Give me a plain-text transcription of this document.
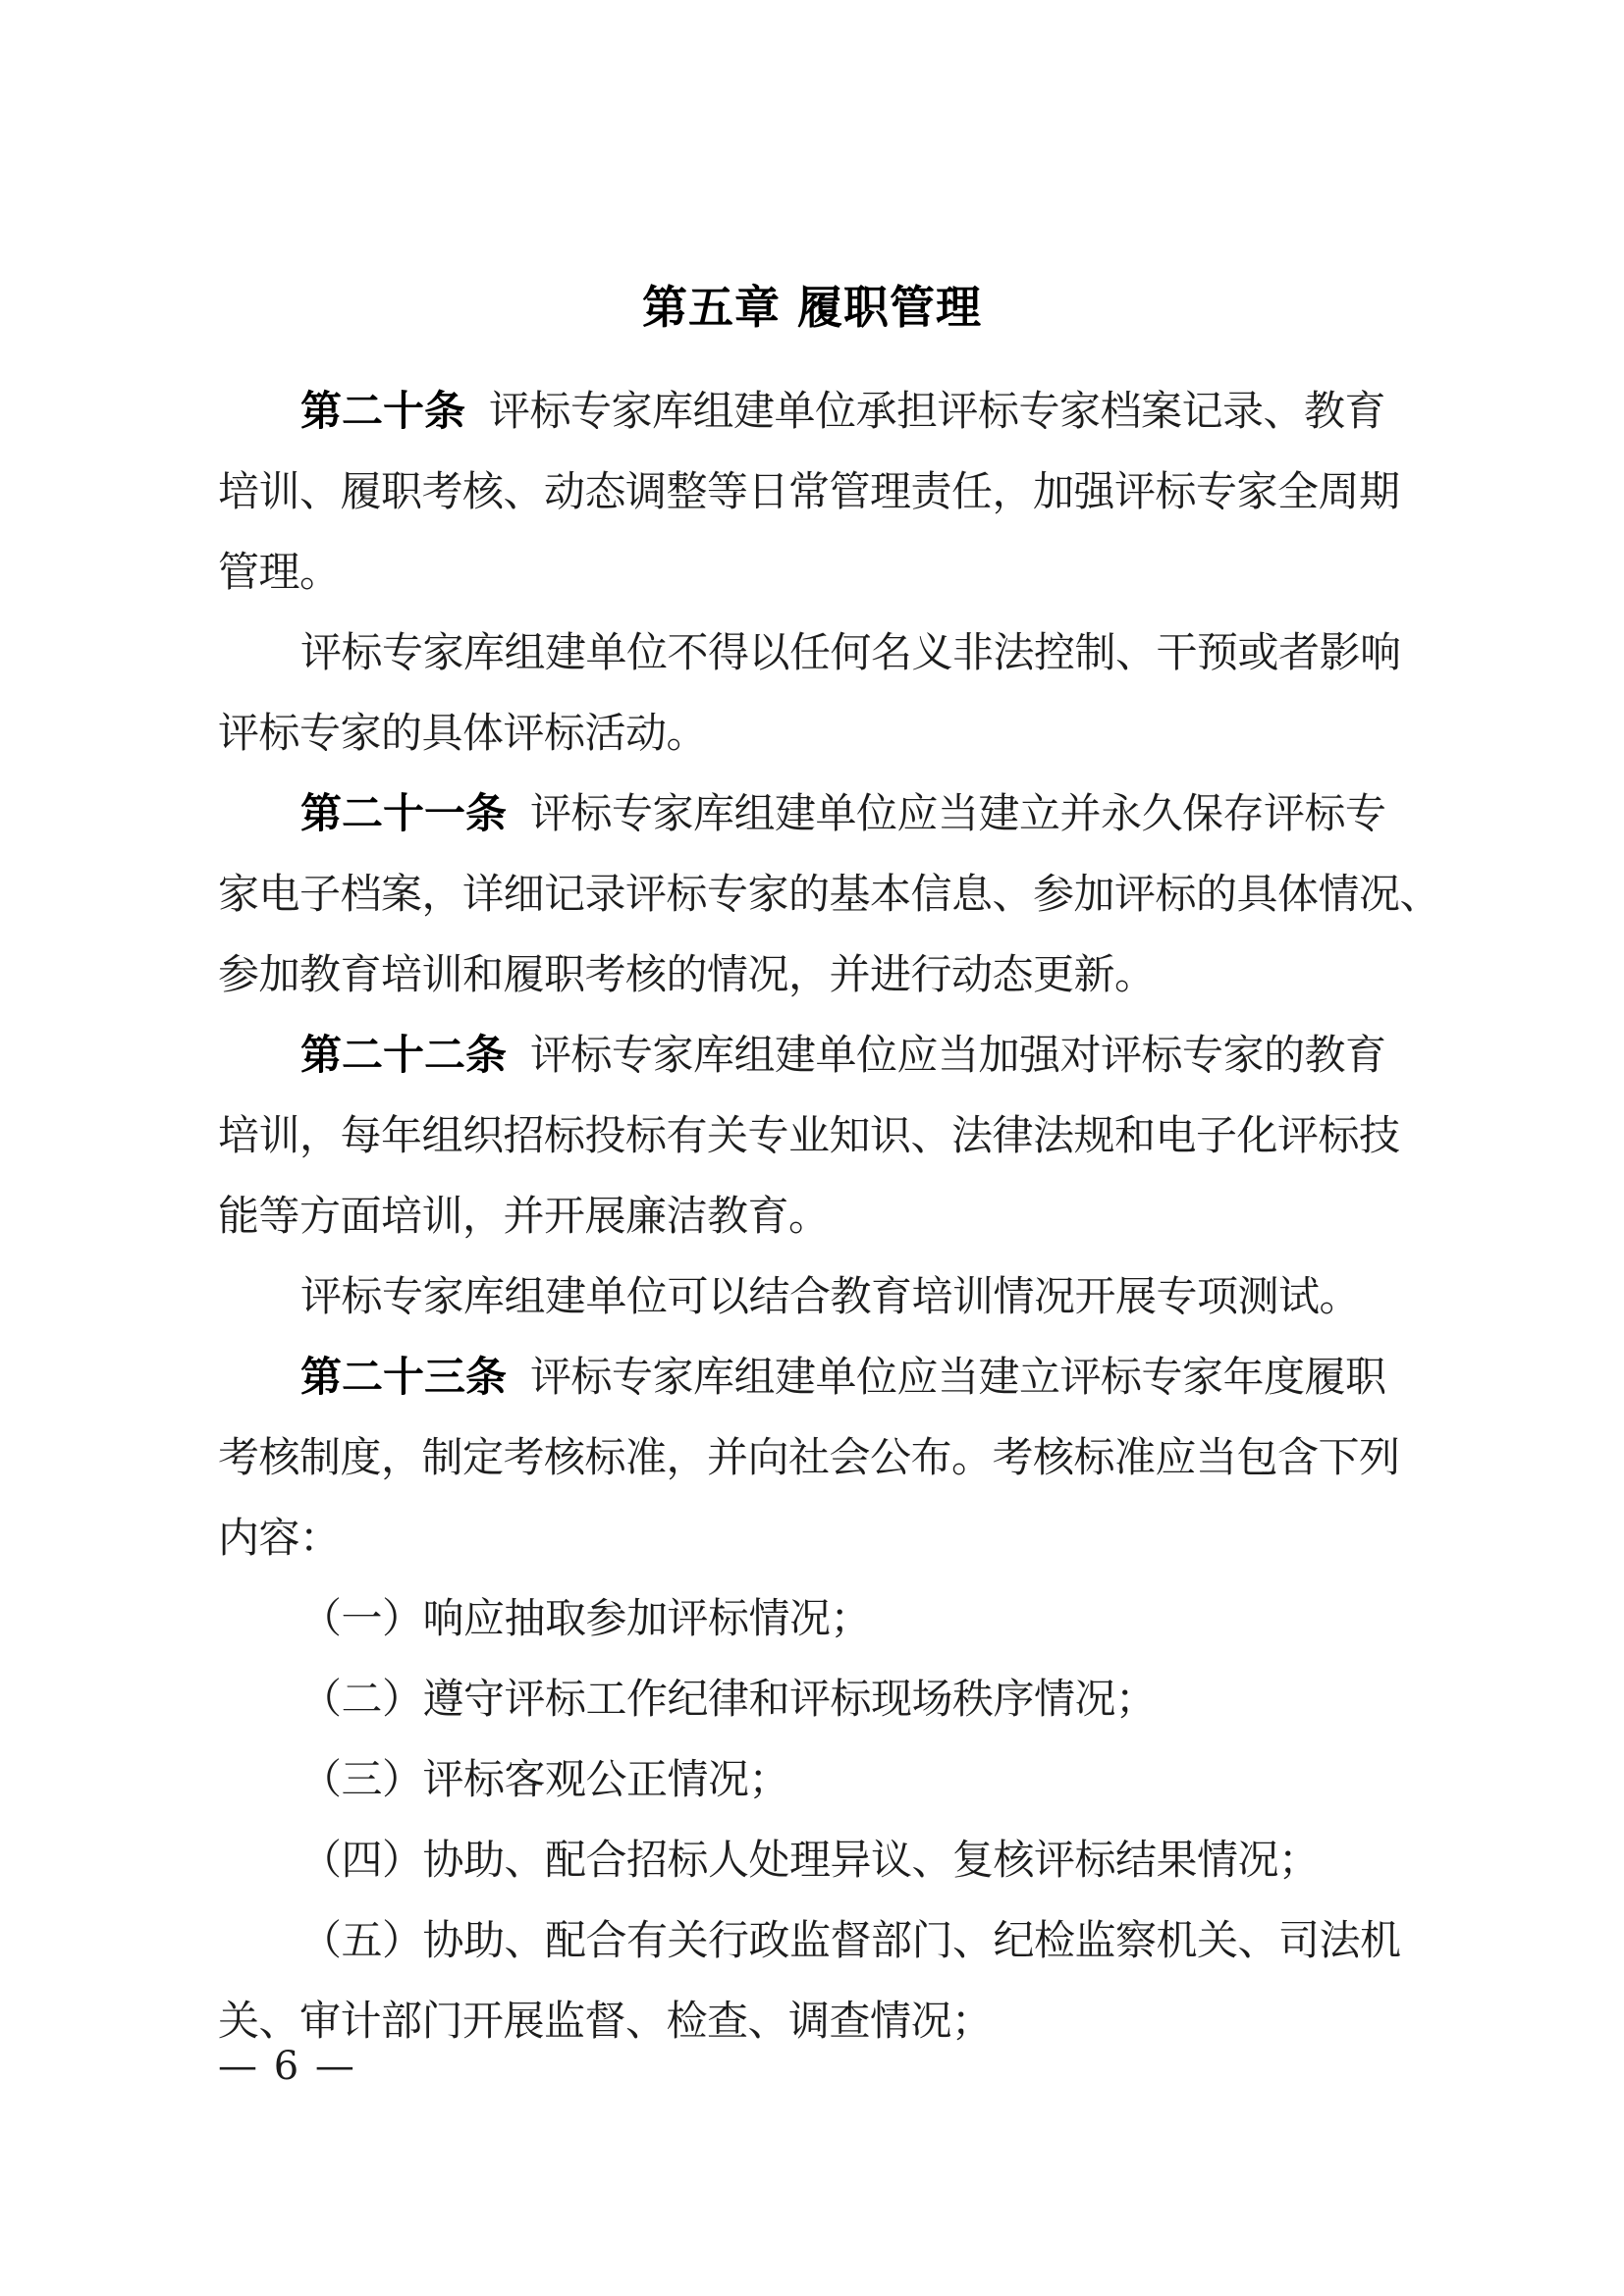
第五章 履职管理

第二十条 评标专家库组建单位承担评标专家档案记录、教育

培训、履职考核、动态调整等日常管理责任，加强评标专家全周期

管理。

评标专家库组建单位不得以任何名义非法控制、干预或者影响

评标专家的具体评标活动。

第二十一条 评标专家库组建单位应当建立并永久保存评标专

家电子档案，详细记录评标专家的基本信息、参加评标的具体情况、

参加教育培训和履职考核的情况，并进行动态更新。

第二十二条 评标专家库组建单位应当加强对评标专家的教育

培训，每年组织招标投标有关专业知识、法律法规和电子化评标技

能等方面培训，并开展廉洁教育。

评标专家库组建单位可以结合教育培训情况开展专项测试。

第二十三条 评标专家库组建单位应当建立评标专家年度履职

考核制度，制定考核标准，并向社会公布。考核标准应当包含下列

内容：

（一）响应抽取参加评标情况；

（二）遵守评标工作纪律和评标现场秩序情况；

（三）评标客观公正情况；

（四）协助、配合招标人处理异议、复核评标结果情况；

（五）协助、配合有关行政监督部门、纪检监察机关、司法机

关、审计部门开展监督、检查、调查情况；

— 6 —
